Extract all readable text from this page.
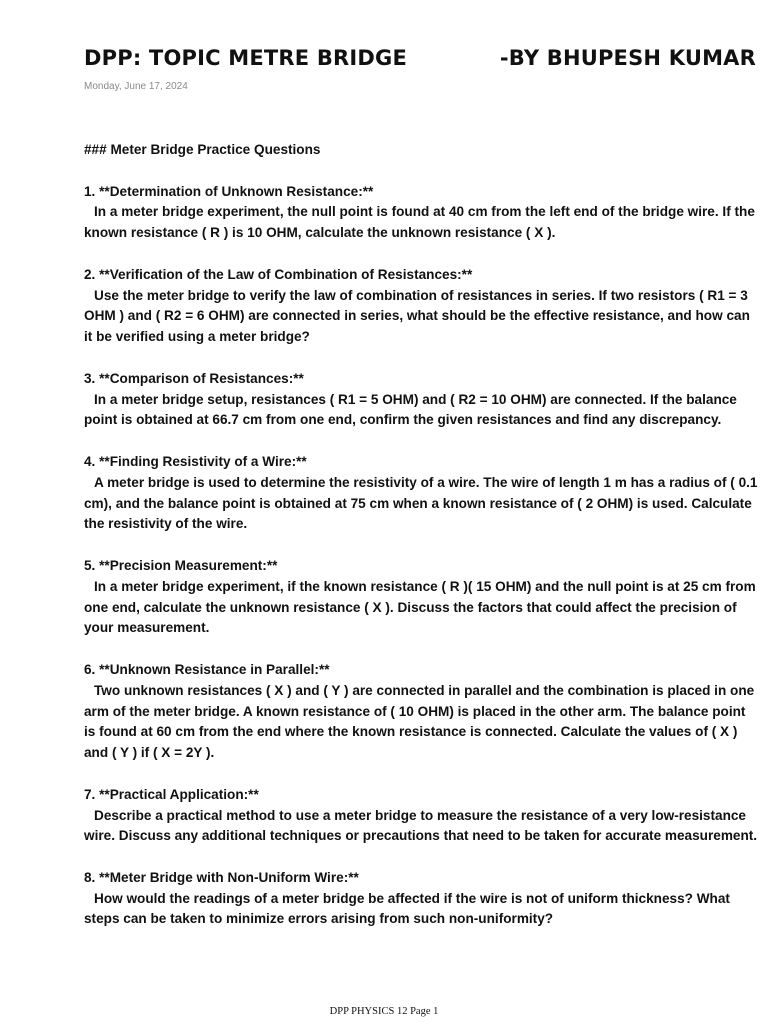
DPP: TOPIC METRE BRIDGE	-BY BHUPESH KUMAR
Monday, June 17, 2024
### Meter Bridge Practice Questions
1. **Determination of Unknown Resistance:**
In a meter bridge experiment, the null point is found at 40 cm from the left end of the bridge wire. If the known resistance ( R ) is 10 OHM, calculate the unknown resistance ( X ).
2. **Verification of the Law of Combination of Resistances:**
Use the meter bridge to verify the law of combination of resistances in series. If two resistors ( R1 = 3 OHM ) and ( R2 = 6 OHM) are connected in series, what should be the effective resistance, and how can it be verified using a meter bridge?
3. **Comparison of Resistances:**
In a meter bridge setup, resistances ( R1 = 5 OHM) and ( R2 = 10 OHM) are connected. If the balance point is obtained at 66.7 cm from one end, confirm the given resistances and find any discrepancy.
4. **Finding Resistivity of a Wire:**
A meter bridge is used to determine the resistivity of a wire. The wire of length 1 m has a radius of ( 0.1 cm), and the balance point is obtained at 75 cm when a known resistance of ( 2 OHM) is used. Calculate the resistivity of the wire.
5. **Precision Measurement:**
In a meter bridge experiment, if the known resistance ( R )( 15 OHM) and the null point is at 25 cm from one end, calculate the unknown resistance ( X ). Discuss the factors that could affect the precision of your measurement.
6. **Unknown Resistance in Parallel:**
Two unknown resistances ( X ) and ( Y ) are connected in parallel and the combination is placed in one arm of the meter bridge. A known resistance of ( 10 OHM) is placed in the other arm. The balance point is found at 60 cm from the end where the known resistance is connected. Calculate the values of ( X ) and ( Y ) if ( X = 2Y ).
7. **Practical Application:**
Describe a practical method to use a meter bridge to measure the resistance of a very low-resistance wire. Discuss any additional techniques or precautions that need to be taken for accurate measurement.
8. **Meter Bridge with Non-Uniform Wire:**
How would the readings of a meter bridge be affected if the wire is not of uniform thickness? What steps can be taken to minimize errors arising from such non-uniformity?
DPP PHYSICS 12 Page 1
